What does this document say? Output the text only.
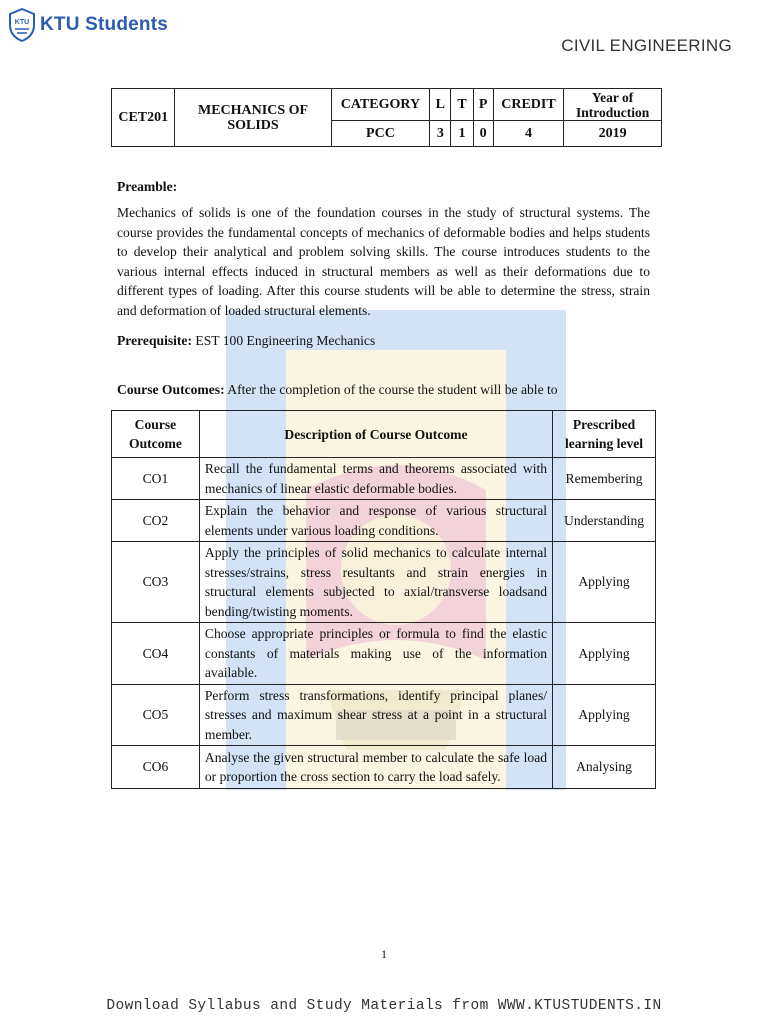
KTU KTU Students
CIVIL ENGINEERING
CET201	MECHANICS OF SOLIDS	CATEGORY	L	T	P	CREDIT	Year of Introduction
		PCC	3	1	0	4	2019
Preamble:
Mechanics of solids is one of the foundation courses in the study of structural systems. The course provides the fundamental concepts of mechanics of deformable bodies and helps students to develop their analytical and problem solving skills. The course introduces students to the various internal effects induced in structural members as well as their deformations due to different types of loading. After this course students will be able to determine the stress, strain and deformation of loaded structural elements.
Prerequisite: EST 100 Engineering Mechanics
Course Outcomes: After the completion of the course the student will be able to
Course Outcome	Description of Course Outcome	Prescribed learning level
CO1	Recall the fundamental terms and theorems associated with mechanics of linear elastic deformable bodies.	Remembering
CO2	Explain the behavior and response of various structural elements under various loading conditions.	Understanding
CO3	Apply the principles of solid mechanics to calculate internal stresses/strains, stress resultants and strain energies in structural elements subjected to axial/transverse loadsand bending/twisting moments.	Applying
CO4	Choose appropriate principles or formula to find the elastic constants of materials making use of the information available.	Applying
CO5	Perform stress transformations, identify principal planes/ stresses and maximum shear stress at a point in a structural member.	Applying
CO6	Analyse the given structural member to calculate the safe load or proportion the cross section to carry the load safely.	Analysing
1
Download Syllabus and Study Materials from WWW.KTUSTUDENTS.IN
